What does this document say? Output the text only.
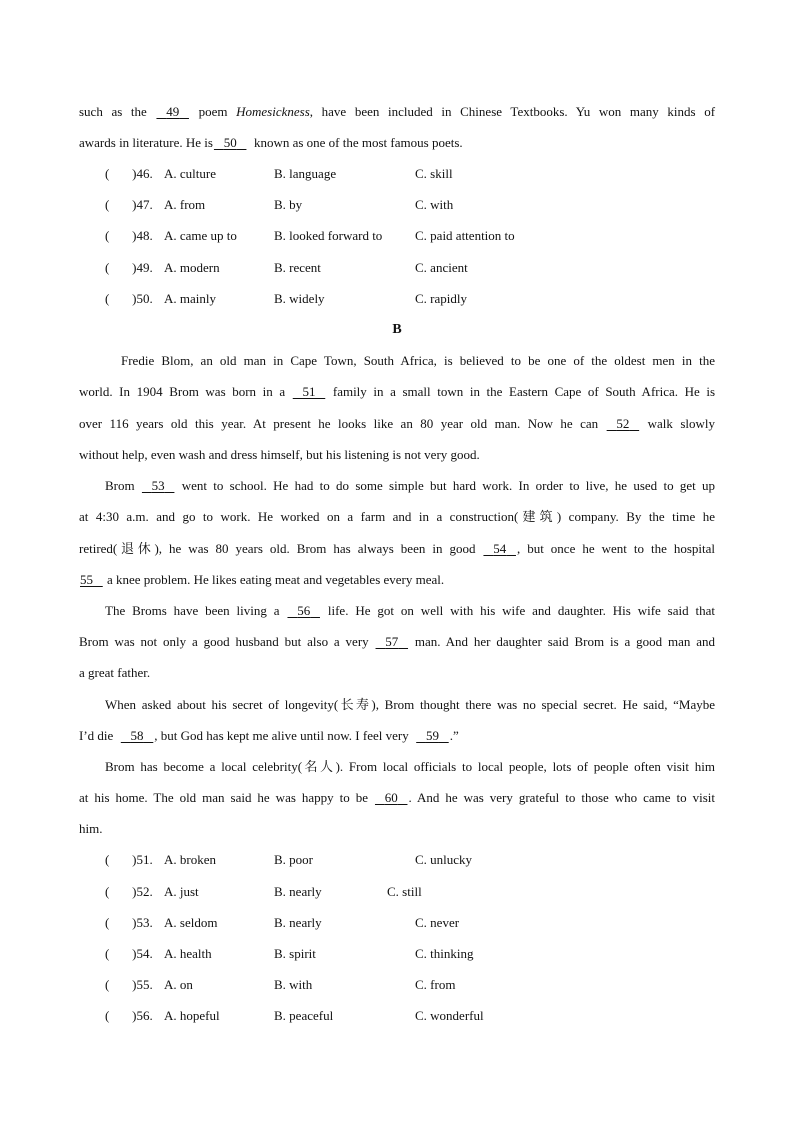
such as the 49 poem Homesickness, have been included in Chinese Textbooks. Yu won many kinds of
awards in literature. He is 50 known as one of the most famous poets.
( )46. A. culture	B. language	C. skill
( )47. A. from	B. by	C. with
( )48. A. came up to	B. looked forward to	C. paid attention to
( )49. A. modern	B. recent	C. ancient
( )50. A. mainly	B. widely	C. rapidly
B
Fredie Blom, an old man in Cape Town, South Africa, is believed to be one of the oldest men in the
world. In 1904 Brom was born in a 51 family in a small town in the Eastern Cape of South Africa. He is
over 116 years old this year. At present he looks like an 80 year old man. Now he can 52 walk slowly
without help, even wash and dress himself, but his listening is not very good.
Brom 53 went to school. He had to do some simple but hard work. In order to live, he used to get up
at 4:30 a.m. and go to work. He worked on a farm and in a construction(建筑) company. By the time he
retired(退休), he was 80 years old. Brom has always been in good 54 , but once he went to the hospital
55 a knee problem. He likes eating meat and vegetables every meal.
The Broms have been living a 56 life. He got on well with his wife and daughter. His wife said that
Brom was not only a good husband but also a very 57 man. And her daughter said Brom is a good man and
a great father.
When asked about his secret of longevity(长寿), Brom thought there was no special secret. He said, “Maybe
I’d die 58 , but God has kept me alive until now. I feel very 59 .”
Brom has become a local celebrity(名人). From local officials to local people, lots of people often visit him
at his home. The old man said he was happy to be 60 . And he was very grateful to those who came to visit
him.
( )51. A. broken	B. poor	C. unlucky
( )52. A. just	B. nearly	C. still
( )53. A. seldom	B. nearly	C. never
( )54. A. health	B. spirit	C. thinking
( )55. A. on	B. with	C. from
( )56. A. hopeful	B. peaceful	C. wonderful
